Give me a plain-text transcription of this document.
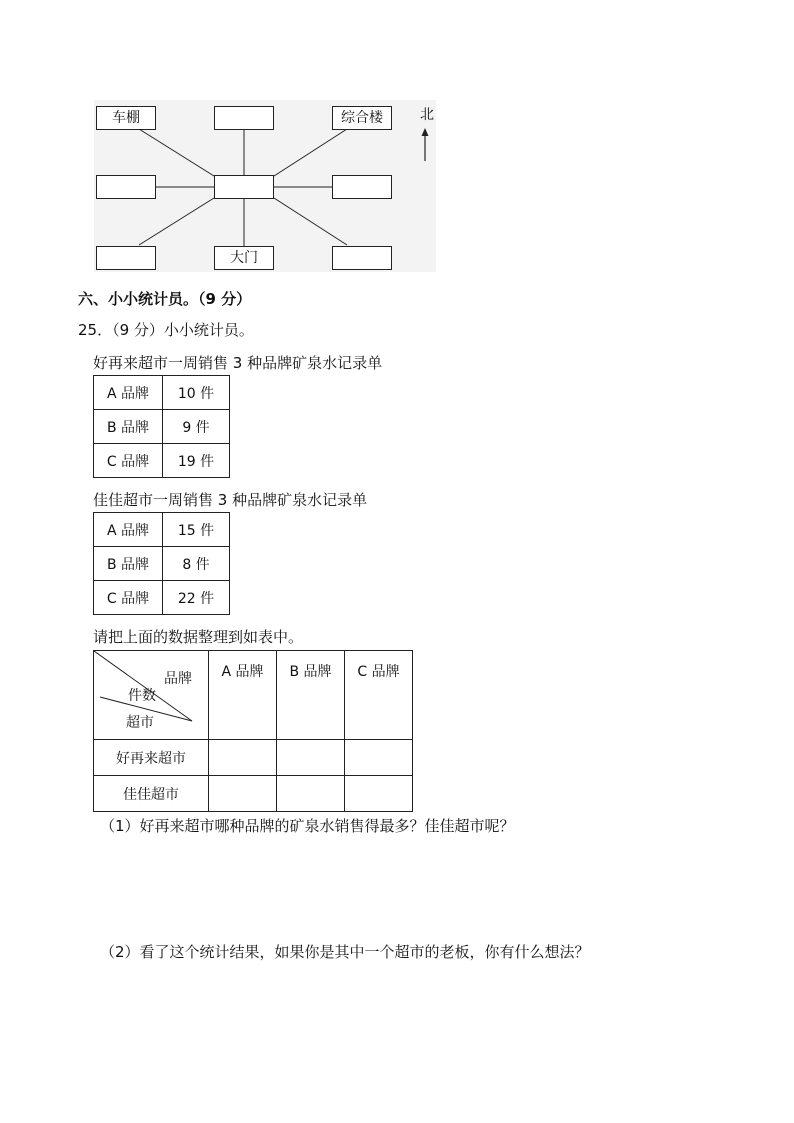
车棚	综合楼
大门
北
六、小小统计员。（9 分）
25．（9 分）小小统计员。
好再来超市一周销售 3 种品牌矿泉水记录单
A 品牌	10 件
B 品牌	9 件
C 品牌	19 件
佳佳超市一周销售 3 种品牌矿泉水记录单
A 品牌	15 件
B 品牌	8 件
C 品牌	22 件
请把上面的数据整理到如表中。
品牌
件数
超市	A 品牌	B 品牌	C 品牌
好再来超市			
佳佳超市			
（1）好再来超市哪种品牌的矿泉水销售得最多？佳佳超市呢？
（2）看了这个统计结果，如果你是其中一个超市的老板，你有什么想法？
